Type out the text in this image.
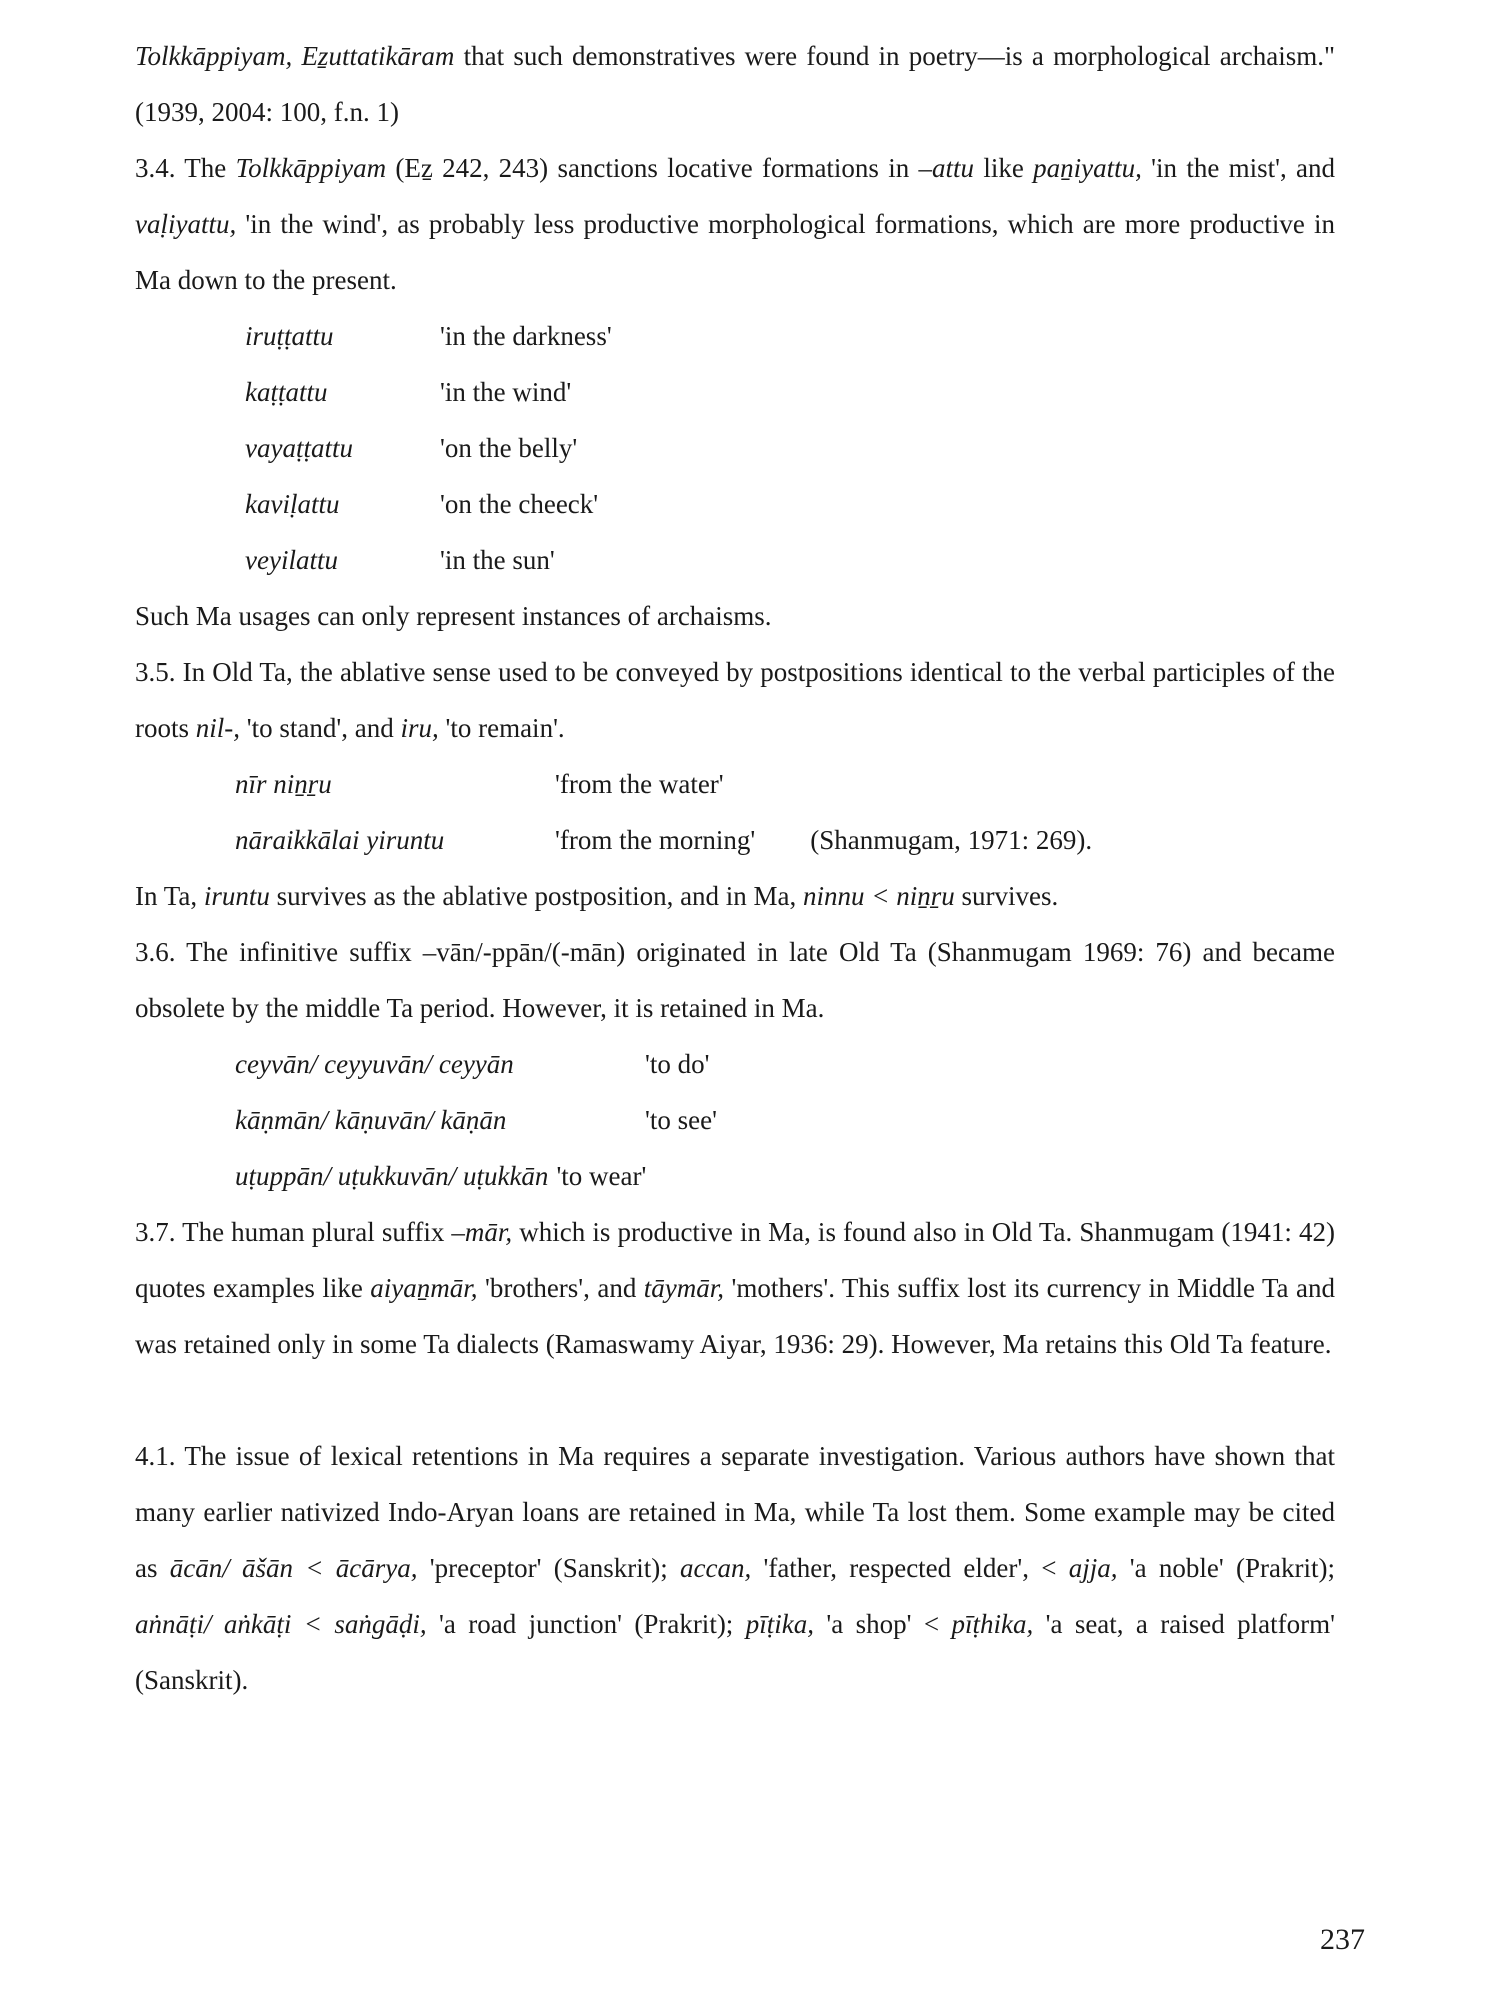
Tolkkāppiyam, Eẕuttatikāram that such demonstratives were found in poetry—is a morphological archaism." (1939, 2004: 100, f.n. 1)

3.4. The Tolkkāppiyam (Eẕ 242, 243) sanctions locative formations in –attu like paṉiyattu, 'in the mist', and vaḷiyattu, 'in the wind', as probably less productive morphological formations, which are more productive in Ma down to the present.

iruṭṭattu	'in the darkness'
kaṭṭattu	'in the wind'
vayaṭṭattu	'on the belly'
kaviḷattu	'on the cheeck'
veyilattu	'in the sun'

Such Ma usages can only represent instances of archaisms.

3.5. In Old Ta, the ablative sense used to be conveyed by postpositions identical to the verbal participles of the roots nil-, 'to stand', and iru, 'to remain'.

nīr niṉṟu	'from the water'
nāraikkālai yiruntu	'from the morning' (Shanmugam, 1971: 269).

In Ta, iruntu survives as the ablative postposition, and in Ma, ninnu < niṉṟu survives.

3.6. The infinitive suffix –vān/-ppān/(-mān) originated in late Old Ta (Shanmugam 1969: 76) and became obsolete by the middle Ta period. However, it is retained in Ma.

ceyvān/ ceyyuvān/ ceyyān	'to do'
kāṇmān/ kāṇuvān/ kāṇān	'to see'
uṭuppān/ uṭukkuvān/ uṭukkān 'to wear'

3.7. The human plural suffix –mār, which is productive in Ma, is found also in Old Ta. Shanmugam (1941: 42) quotes examples like aiyaṉmār, 'brothers', and tāymār, 'mothers'. This suffix lost its currency in Middle Ta and was retained only in some Ta dialects (Ramaswamy Aiyar, 1936: 29). However, Ma retains this Old Ta feature.

4.1. The issue of lexical retentions in Ma requires a separate investigation. Various authors have shown that many earlier nativized Indo-Aryan loans are retained in Ma, while Ta lost them. Some example may be cited as ācān/ āšān < ācārya, 'preceptor' (Sanskrit); accan, 'father, respected elder', < ajja, 'a noble' (Prakrit); aṅnāṭi/ aṅkāṭi < saṅgāḍi, 'a road junction' (Prakrit); pīṭika, 'a shop' < pīṭhika, 'a seat, a raised platform' (Sanskrit).

237
